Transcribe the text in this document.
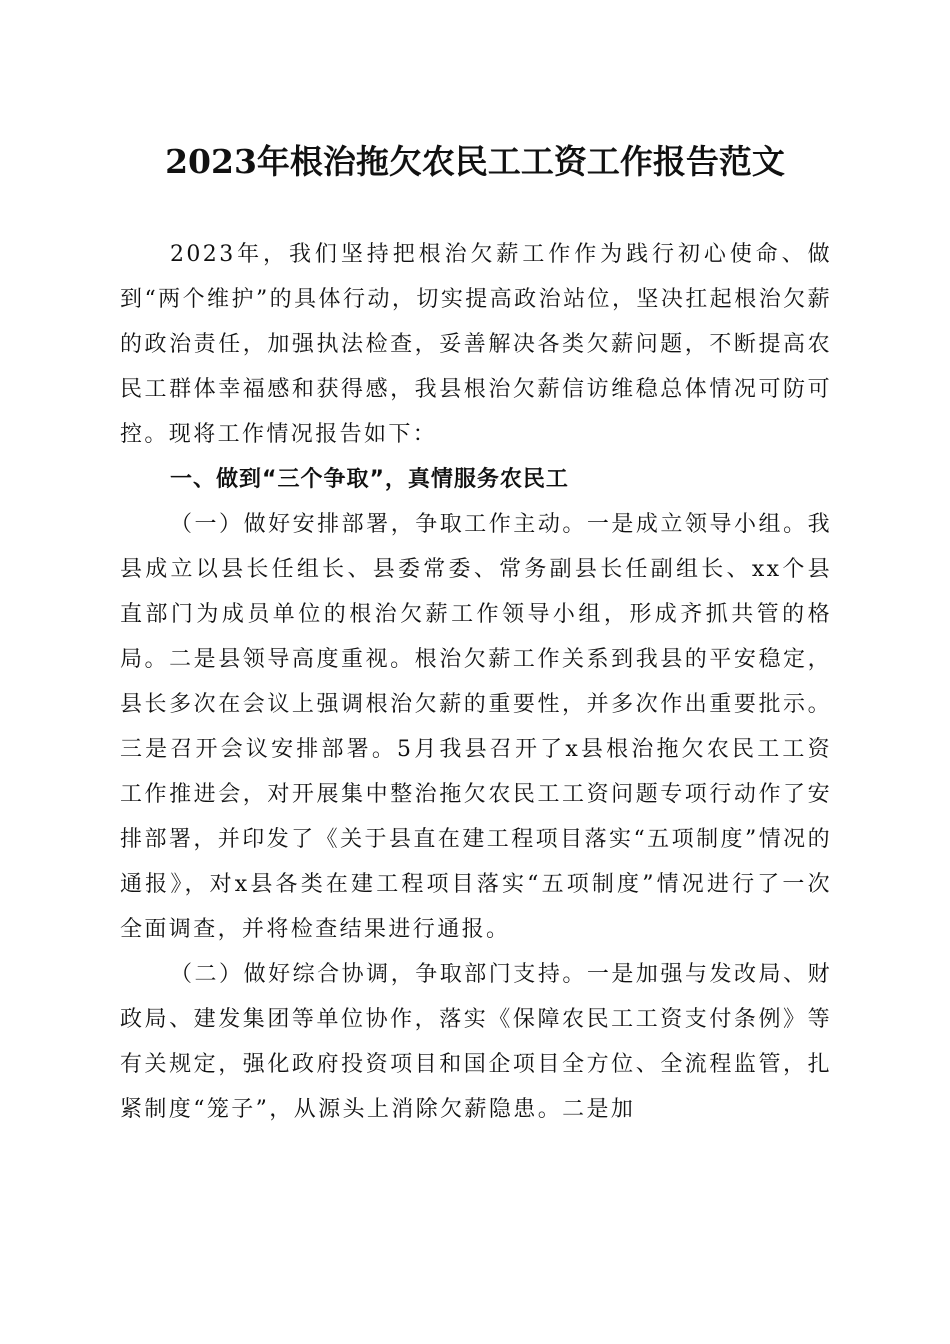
2023年根治拖欠农民工工资工作报告范文

2023年，我们坚持把根治欠薪工作作为践行初心使命、做到“两个维护”的具体行动，切实提高政治站位，坚决扛起根治欠薪的政治责任，加强执法检查，妥善解决各类欠薪问题，不断提高农民工群体幸福感和获得感，我县根治欠薪信访维稳总体情况可防可控。现将工作情况报告如下：

一、做到“三个争取”，真情服务农民工

（一）做好安排部署，争取工作主动。一是成立领导小组。我县成立以县长任组长、县委常委、常务副县长任副组长、xx个县直部门为成员单位的根治欠薪工作领导小组，形成齐抓共管的格局。二是县领导高度重视。根治欠薪工作关系到我县的平安稳定，县长多次在会议上强调根治欠薪的重要性，并多次作出重要批示。三是召开会议安排部署。5月我县召开了x县根治拖欠农民工工资工作推进会，对开展集中整治拖欠农民工工资问题专项行动作了安排部署，并印发了《关于县直在建工程项目落实“五项制度”情况的通报》，对x县各类在建工程项目落实“五项制度”情况进行了一次全面调查，并将检查结果进行通报。

（二）做好综合协调，争取部门支持。一是加强与发改局、财政局、建发集团等单位协作，落实《保障农民工工资支付条例》等有关规定，强化政府投资项目和国企项目全方位、全流程监管，扎紧制度“笼子”，从源头上消除欠薪隐患。二是加
